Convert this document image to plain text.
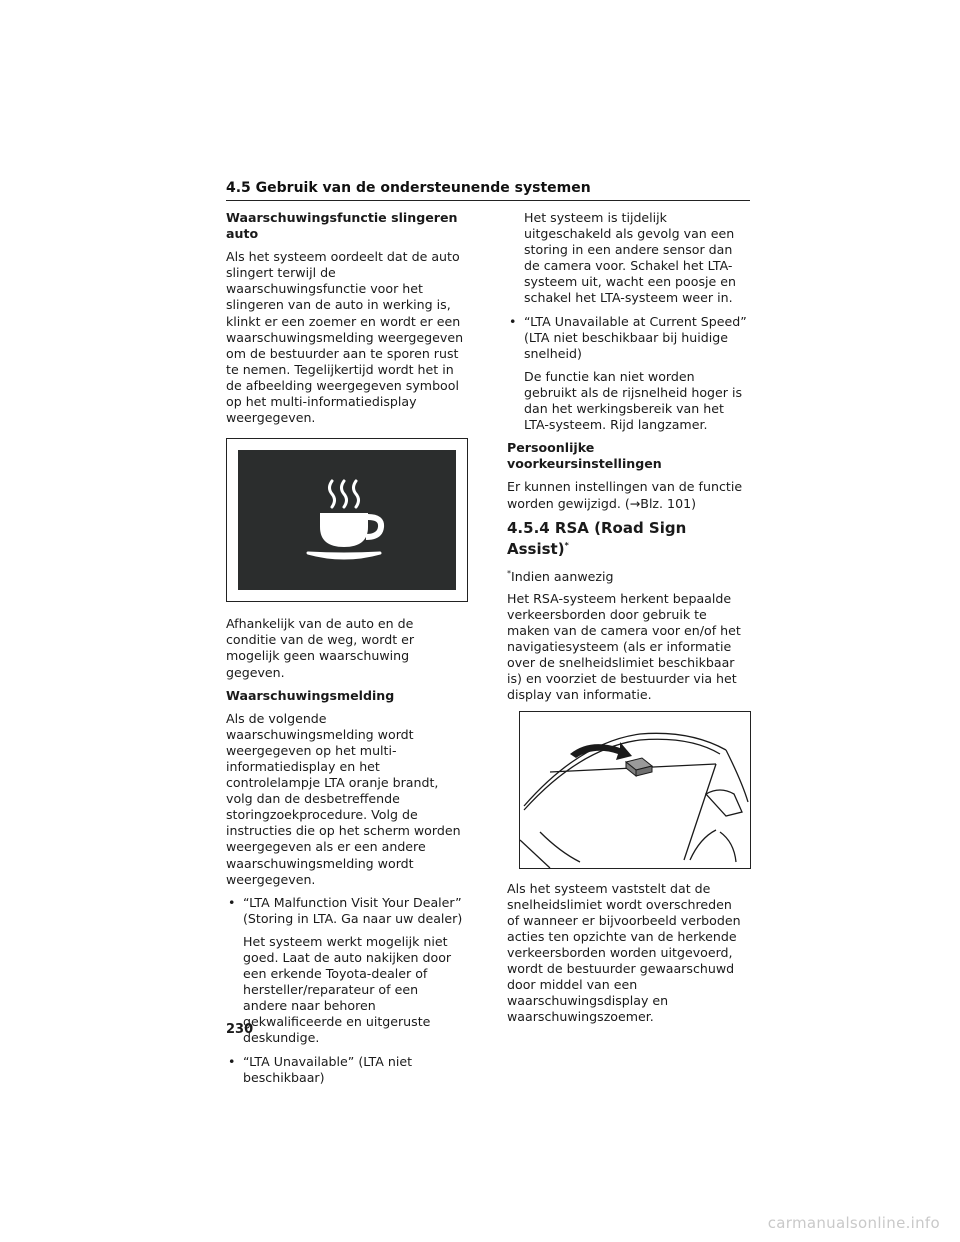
4.5 Gebruik van de ondersteunende systemen

Waarschuwingsfunctie slingeren auto

Als het systeem oordeelt dat de auto slingert terwijl de waarschuwingsfunctie voor het slingeren van de auto in werking is, klinkt er een zoemer en wordt er een waarschuwingsmelding weergegeven om de bestuurder aan te sporen rust te nemen. Tegelijkertijd wordt het in de afbeelding weergegeven symbool op het multi-informatiedisplay weergegeven.

Afhankelijk van de auto en de conditie van de weg, wordt er mogelijk geen waarschuwing gegeven.

Waarschuwingsmelding

Als de volgende waarschuwingsmelding wordt weergegeven op het multi-informatiedisplay en het controlelampje LTA oranje brandt, volg dan de desbetreffende storingzoekprocedure. Volg de instructies die op het scherm worden weergegeven als er een andere waarschuwingsmelding wordt weergegeven.

• “LTA Malfunction Visit Your Dealer” (Storing in LTA. Ga naar uw dealer)

Het systeem werkt mogelijk niet goed. Laat de auto nakijken door een erkende Toyota-dealer of hersteller/reparateur of een andere naar behoren gekwalificeerde en uitgeruste deskundige.

• “LTA Unavailable” (LTA niet beschikbaar)

Het systeem is tijdelijk uitgeschakeld als gevolg van een storing in een andere sensor dan de camera voor. Schakel het LTA-systeem uit, wacht een poosje en schakel het LTA-systeem weer in.

• “LTA Unavailable at Current Speed” (LTA niet beschikbaar bij huidige snelheid)

De functie kan niet worden gebruikt als de rijsnelheid hoger is dan het werkingsbereik van het LTA-systeem. Rijd langzamer.

Persoonlijke voorkeursinstellingen

Er kunnen instellingen van de functie worden gewijzigd. (→Blz. 101)

4.5.4 RSA (Road Sign Assist)*

*Indien aanwezig

Het RSA-systeem herkent bepaalde verkeersborden door gebruik te maken van de camera voor en/of het navigatiesysteem (als er informatie over de snelheidslimiet beschikbaar is) en voorziet de bestuurder via het display van informatie.

Als het systeem vaststelt dat de snelheidslimiet wordt overschreden of wanneer er bijvoorbeeld verboden acties ten opzichte van de herkende verkeersborden worden uitgevoerd, wordt de bestuurder gewaarschuwd door middel van een waarschuwingsdisplay en waarschuwingszoemer.

230
carmanualsonline.info
